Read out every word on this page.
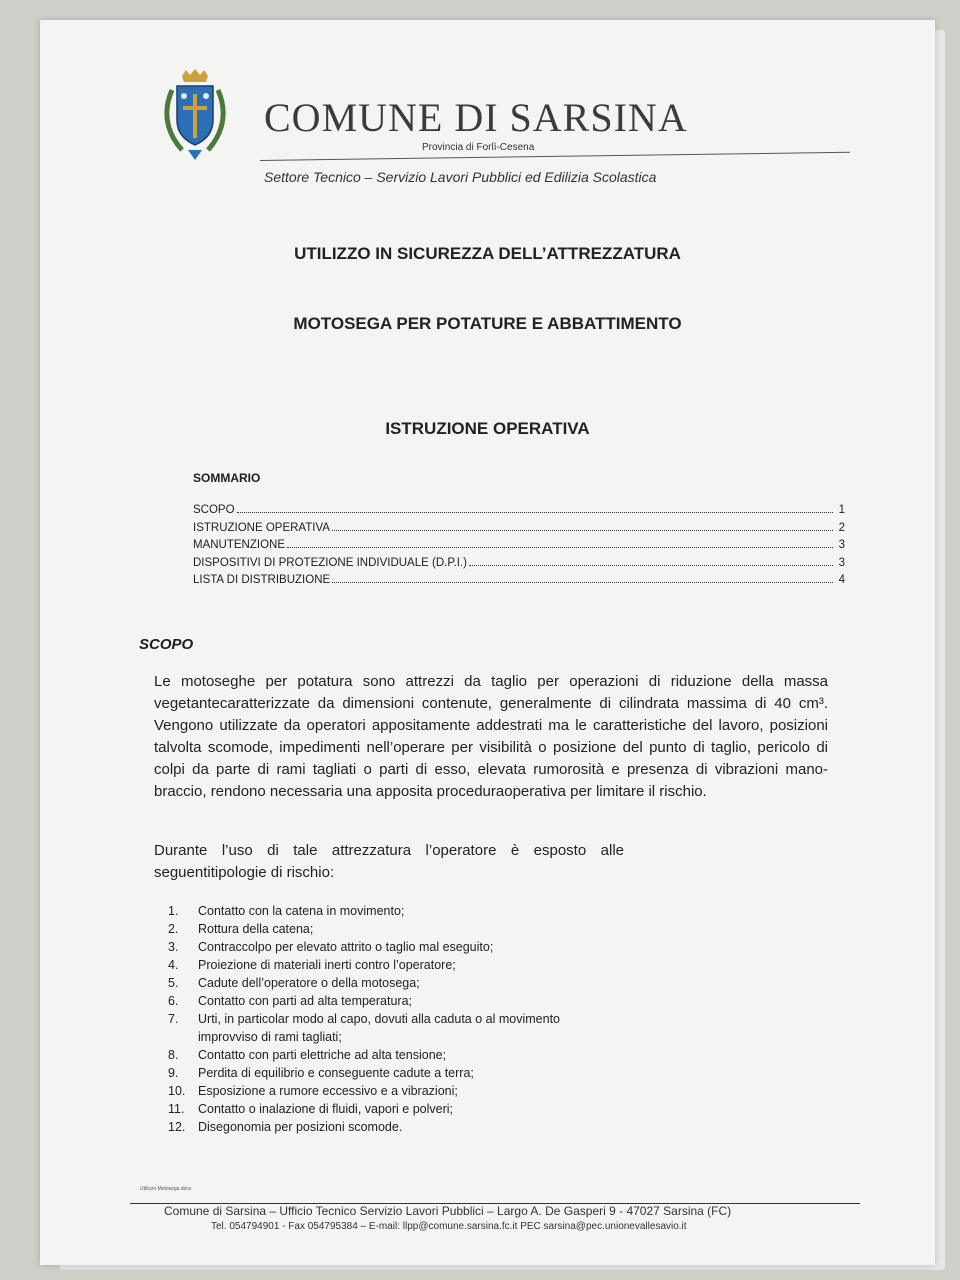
COMUNE DI SARSINA
Provincia di Forlì-Cesena
Settore Tecnico – Servizio Lavori Pubblici ed Edilizia Scolastica
UTILIZZO IN SICUREZZA DELL’ATTREZZATURA
MOTOSEGA PER POTATURE E ABBATTIMENTO
ISTRUZIONE OPERATIVA
SOMMARIO
SCOPO	1
ISTRUZIONE OPERATIVA	2
MANUTENZIONE	3
DISPOSITIVI DI PROTEZIONE INDIVIDUALE (D.P.I.)	3
LISTA DI DISTRIBUZIONE	4
SCOPO
Le motoseghe per potatura sono attrezzi da taglio per operazioni di riduzione della massa vegetantecaratterizzate da dimensioni contenute, generalmente di cilindrata massima di 40 cm³. Vengono utilizzate da operatori appositamente addestrati ma le caratteristiche del lavoro, posizioni talvolta scomode, impedimenti nell’operare per visibilità o posizione del punto di taglio, pericolo di colpi da parte di rami tagliati o parti di esso, elevata rumorosità e presenza di vibrazioni mano-braccio, rendono necessaria una apposita proceduraoperativa per limitare il rischio.
Durante l’uso di tale attrezzatura l’operatore è esposto alle seguentitipologie di rischio:
1.	Contatto con la catena in movimento;
2.	Rottura della catena;
3.	Contraccolpo per elevato attrito o taglio mal eseguito;
4.	Proiezione di materiali inerti contro l’operatore;
5.	Cadute dell’operatore o della motosega;
6.	Contatto con parti ad alta temperatura;
7.	Urti, in particolar modo al capo, dovuti alla caduta o al movimento improvviso di rami tagliati;
8.	Contatto con parti elettriche ad alta tensione;
9.	Perdita di equilibrio e conseguente cadute a terra;
10.	Esposizione a rumore eccessivo e a vibrazioni;
11.	Contatto o inalazione di fluidi, vapori e polveri;
12.	Disegonomia per posizioni scomode.
Utilizzo Motosega.docx
Comune di Sarsina – Ufficio Tecnico Servizio Lavori Pubblici – Largo A. De Gasperi 9 - 47027 Sarsina (FC)
Tel. 054794901 - Fax 054795384 – E-mail: llpp@comune.sarsina.fc.it PEC sarsina@pec.unionevallesavio.it
